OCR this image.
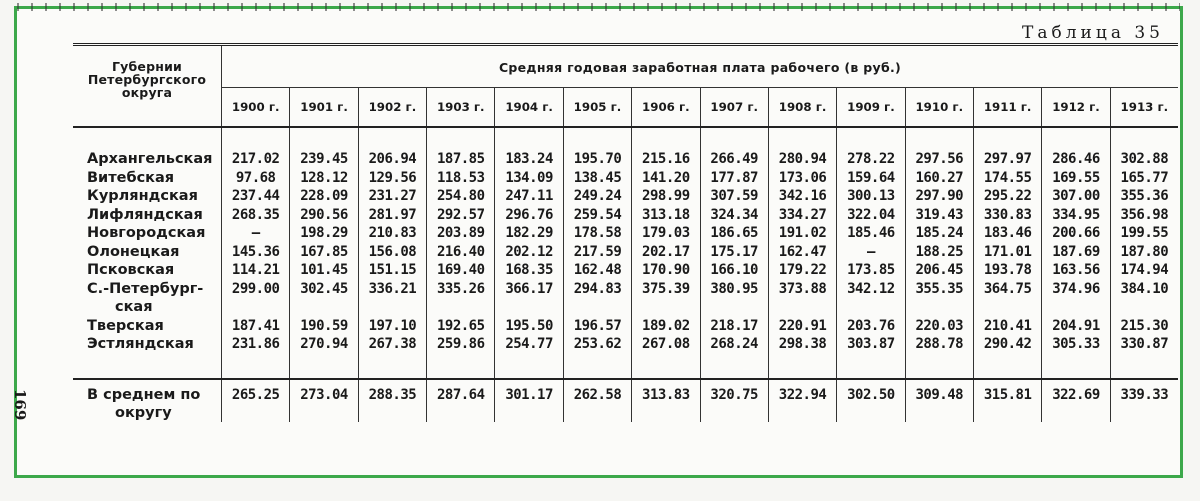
Таблица 35
169
Губернии Петербургского округа	Средняя годовая заработная плата рабочего (в руб.)													
	1900 г.	1901 г.	1902 г.	1903 г.	1904 г.	1905 г.	1906 г.	1907 г.	1908 г.	1909 г.	1910 г.	1911 г.	1912 г.	1913 г.
Архангельская	217.02	239.45	206.94	187.85	183.24	195.70	215.16	266.49	280.94	278.22	297.56	297.97	286.46	302.88
Витебская	97.68	128.12	129.56	118.53	134.09	138.45	141.20	177.87	173.06	159.64	160.27	174.55	169.55	165.77
Курляндская	237.44	228.09	231.27	254.80	247.11	249.24	298.99	307.59	342.16	300.13	297.90	295.22	307.00	355.36
Лифляндская	268.35	290.56	281.97	292.57	296.76	259.54	313.18	324.34	334.27	322.04	319.43	330.83	334.95	356.98
Новгородская	—	198.29	210.83	203.89	182.29	178.58	179.03	186.65	191.02	185.46	185.24	183.46	200.66	199.55
Олонецкая	145.36	167.85	156.08	216.40	202.12	217.59	202.17	175.17	162.47	—	188.25	171.01	187.69	187.80
Псковская	114.21	101.45	151.15	169.40	168.35	162.48	170.90	166.10	179.22	173.85	206.45	193.78	163.56	174.94
С.-Петербург-
ская	299.00	302.45	336.21	335.26	366.17	294.83	375.39	380.95	373.88	342.12	355.35	364.75	374.96	384.10
Тверская	187.41	190.59	197.10	192.65	195.50	196.57	189.02	218.17	220.91	203.76	220.03	210.41	204.91	215.30
Эстляндская	231.86	270.94	267.38	259.86	254.77	253.62	267.08	268.24	298.38	303.87	288.78	290.42	305.33	330.87

В среднем по
округу	265.25	273.04	288.35	287.64	301.17	262.58	313.83	320.75	322.94	302.50	309.48	315.81	322.69	339.33
